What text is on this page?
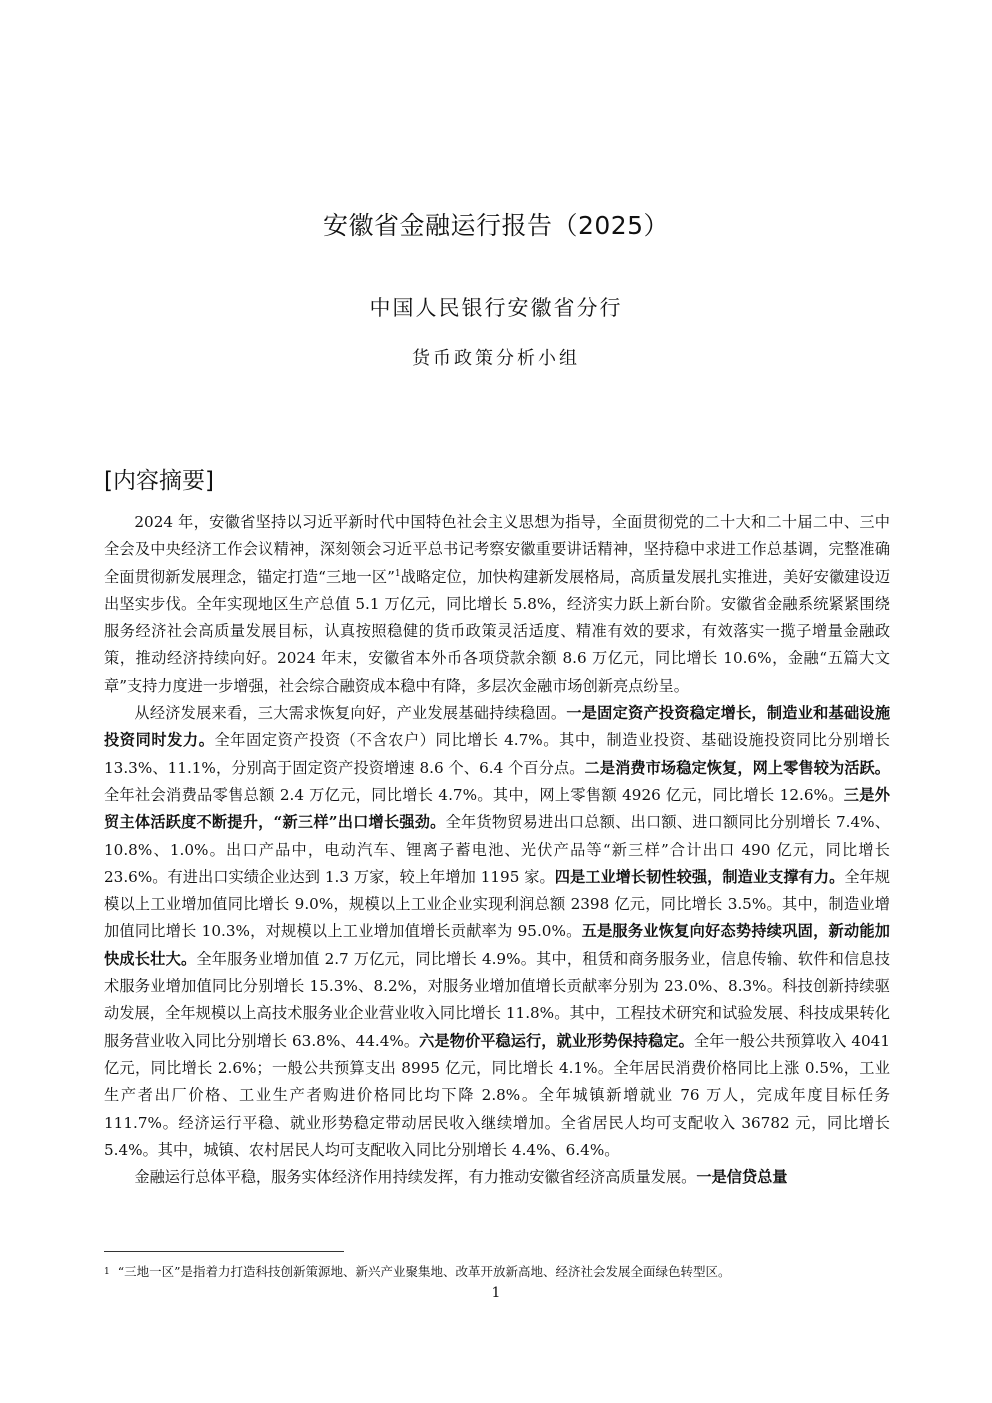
安徽省金融运行报告（2025）
中国人民银行安徽省分行
货币政策分析小组
[内容摘要]

2024 年，安徽省坚持以习近平新时代中国特色社会主义思想为指导，全面贯彻党的二十大和二十届二中、三中全会及中央经济工作会议精神，深刻领会习近平总书记考察安徽重要讲话精神，坚持稳中求进工作总基调，完整准确全面贯彻新发展理念，锚定打造“三地一区”$^1$战略定位，加快构建新发展格局，高质量发展扎实推进，美好安徽建设迈出坚实步伐。全年实现地区生产总值 5.1 万亿元，同比增长 5.8%，经济实力跃上新台阶。安徽省金融系统紧紧围绕服务经济社会高质量发展目标，认真按照稳健的货币政策灵活适度、精准有效的要求，有效落实一揽子增量金融政策，推动经济持续向好。2024 年末，安徽省本外币各项贷款余额 8.6 万亿元，同比增长 10.6%，金融“五篇大文章”支持力度进一步增强，社会综合融资成本稳中有降，多层次金融市场创新亮点纷呈。

从经济发展来看，三大需求恢复向好，产业发展基础持续稳固。一是固定资产投资稳定增长，制造业和基础设施投资同时发力。全年固定资产投资（不含农户）同比增长 4.7%。其中，制造业投资、基础设施投资同比分别增长 13.3%、11.1%，分别高于固定资产投资增速 8.6 个、6.4 个百分点。二是消费市场稳定恢复，网上零售较为活跃。全年社会消费品零售总额 2.4 万亿元，同比增长 4.7%。其中，网上零售额 4926 亿元，同比增长 12.6%。三是外贸主体活跃度不断提升，“新三样”出口增长强劲。全年货物贸易进出口总额、出口额、进口额同比分别增长 7.4%、10.8%、1.0%。出口产品中，电动汽车、锂离子蓄电池、光伏产品等“新三样”合计出口 490 亿元，同比增长 23.6%。有进出口实绩企业达到 1.3 万家，较上年增加 1195 家。四是工业增长韧性较强，制造业支撑有力。全年规模以上工业增加值同比增长 9.0%，规模以上工业企业实现利润总额 2398 亿元，同比增长 3.5%。其中，制造业增加值同比增长 10.3%，对规模以上工业增加值增长贡献率为 95.0%。五是服务业恢复向好态势持续巩固，新动能加快成长壮大。全年服务业增加值 2.7 万亿元，同比增长 4.9%。其中，租赁和商务服务业，信息传输、软件和信息技术服务业增加值同比分别增长 15.3%、8.2%，对服务业增加值增长贡献率分别为 23.0%、8.3%。科技创新持续驱动发展，全年规模以上高技术服务业企业营业收入同比增长 11.8%。其中，工程技术研究和试验发展、科技成果转化服务营业收入同比分别增长 63.8%、44.4%。六是物价平稳运行，就业形势保持稳定。全年一般公共预算收入 4041 亿元，同比增长 2.6%；一般公共预算支出 8995 亿元，同比增长 4.1%。全年居民消费价格同比上涨 0.5%，工业生产者出厂价格、工业生产者购进价格同比均下降 2.8%。全年城镇新增就业 76 万人，完成年度目标任务 111.7%。经济运行平稳、就业形势稳定带动居民收入继续增加。全省居民人均可支配收入 36782 元，同比增长 5.4%。其中，城镇、农村居民人均可支配收入同比分别增长 4.4%、6.4%。

金融运行总体平稳，服务实体经济作用持续发挥，有力推动安徽省经济高质量发展。一是信贷总量

$^1$ “三地一区”是指着力打造科技创新策源地、新兴产业聚集地、改革开放新高地、经济社会发展全面绿色转型区。
1
